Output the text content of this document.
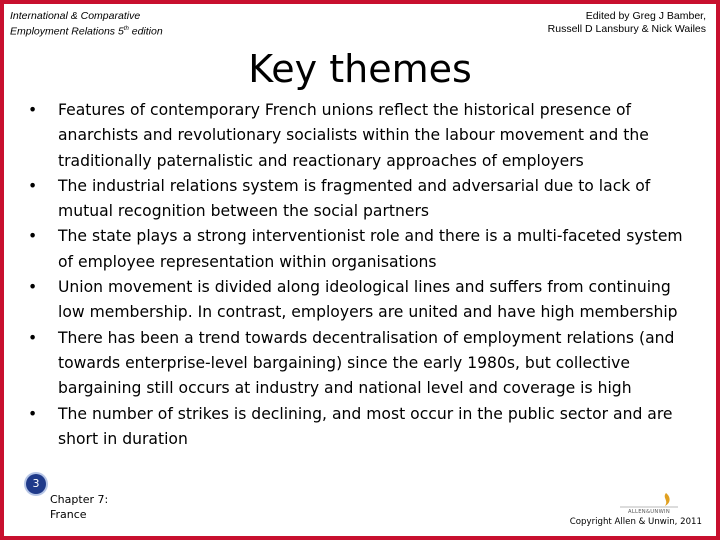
International & Comparative
Employment Relations 5th edition
Edited by Greg J Bamber,
Russell D Lansbury & Nick Wailes
Key themes
• Features of contemporary French unions reflect the historical presence of anarchists and revolutionary socialists within the labour movement and the traditionally paternalistic and reactionary approaches of employers
• The industrial relations system is fragmented and adversarial due to lack of mutual recognition between the social partners
• The state plays a strong interventionist role and there is a multi-faceted system of employee representation within organisations
• Union movement is divided along ideological lines and suffers from continuing low membership. In contrast, employers are united and have high membership
• There has been a trend towards decentralisation of employment relations (and towards enterprise-level bargaining) since the early 1980s, but collective bargaining still occurs at industry and national level and coverage is high
• The number of strikes is declining, and most occur in the public sector and are short in duration
3
Chapter 7:
France	ALLEN&UNWIN
Copyright Allen & Unwin, 2011
